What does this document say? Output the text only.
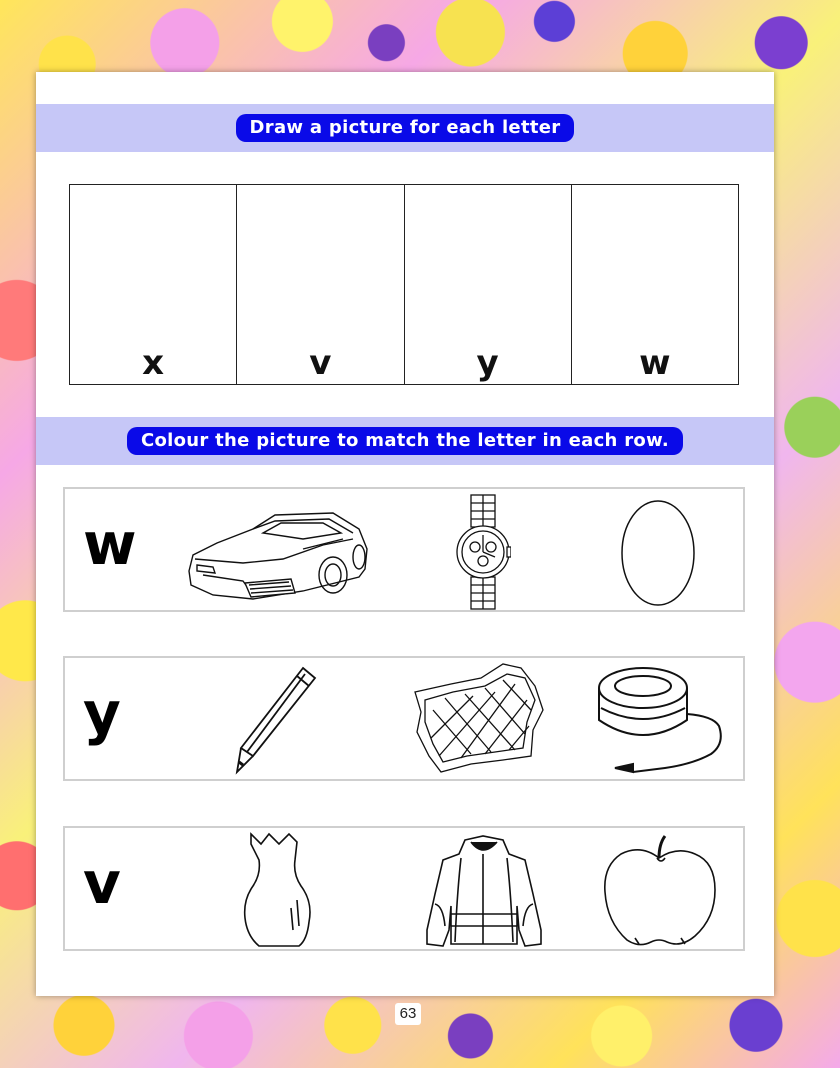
Draw a picture for each letter
x	v	y	w
Colour the picture to match the letter in each row.
w
y
v
63
